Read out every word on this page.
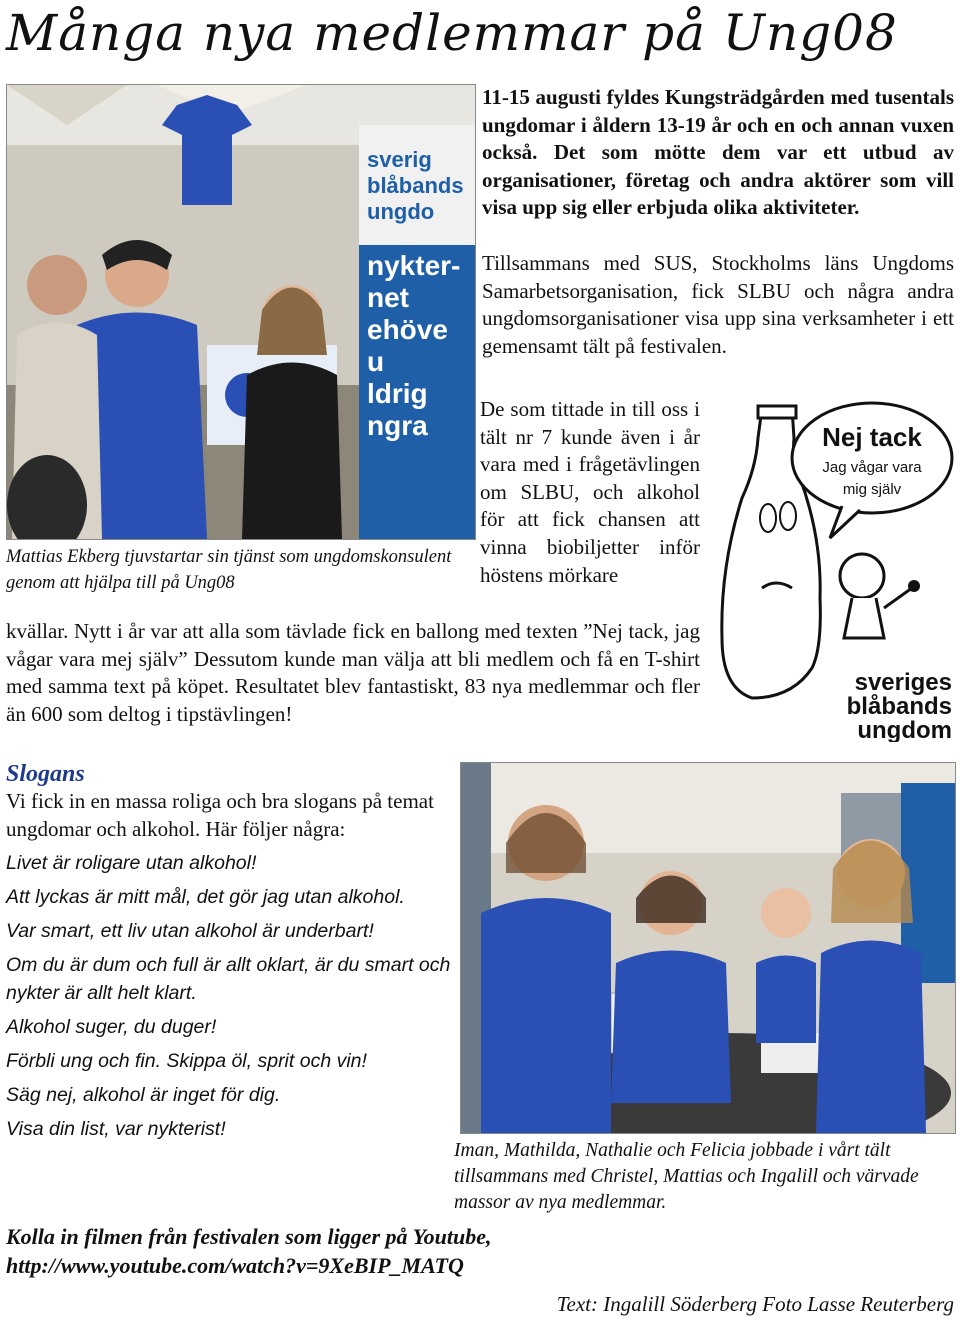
Många nya medlemmar på Ung08
sverig
blåbands
ungdo
nykter-
net
ehöve
u
ldrig
ngra
11-15 augusti fyldes Kungsträdgården med tusentals ungdomar i åldern 13-19 år och en och annan vuxen också. Det som mötte dem var ett utbud av organisationer, företag och andra aktörer som vill visa upp sig eller erbjuda olika aktiviteter.
Tillsammans med SUS, Stockholms läns Ungdoms Samarbetsorganisation, fick SLBU och några andra ungdomsorganisationer visa upp sina verksamheter i ett gemensamt tält på festivalen.
De som tittade in till oss i tält nr 7 kunde även i år vara med i frågetävlingen om SLBU, och alkohol för att fick chansen att vinna biobiljetter inför höstens mörkare
Mattias Ekberg tjuvstartar sin tjänst som ungdomskonsulent genom att hjälpa till på Ung08
kvällar. Nytt i år var att alla som tävlade fick en ballong med texten ”Nej tack, jag vågar vara mej själv” Dessutom kunde man välja att bli medlem och få en T-shirt med samma text på köpet. Resultatet blev fantastiskt, 83 nya medlemmar och fler än 600 som deltog i tipstävlingen!
Nej tack
Jag vågar vara
mig själv
sveriges
blåbands
ungdom
Slogans
Vi fick in en massa roliga och bra slogans på temat ungdomar och alkohol. Här följer några:

Livet är roligare utan alkohol!

Att lyckas är mitt mål, det gör jag utan alkohol.

Var smart, ett liv utan alkohol är underbart!

Om du är dum och full är allt oklart, är du smart och nykter är allt helt klart.

Alkohol suger, du duger!

Förbli ung och fin. Skippa öl, sprit och vin!

Säg nej, alkohol är inget för dig.

Visa din list, var nykterist!

Iman, Mathilda, Nathalie och Felicia jobbade i vårt tält tillsammans med Christel, Mattias och Ingalill och värvade massor av nya medlemmar.
Kolla in filmen från festivalen som ligger på Youtube, http://www.youtube.com/watch?v=9XeBIP_MATQ
Text: Ingalill Söderberg Foto Lasse Reuterberg
